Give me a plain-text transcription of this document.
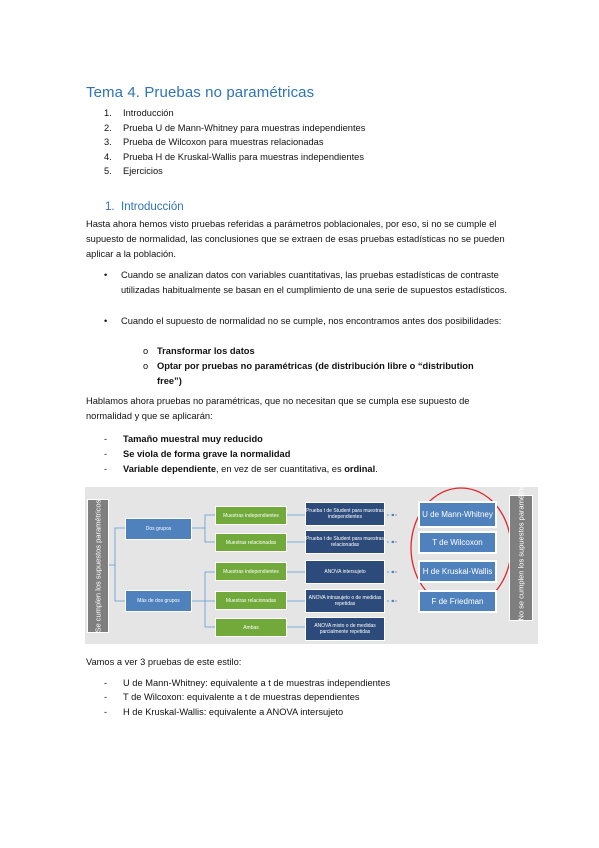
Tema 4. Pruebas no paramétricas
1. Introducción
2. Prueba U de Mann-Whitney para muestras independientes
3. Prueba de Wilcoxon para muestras relacionadas
4. Prueba H de Kruskal-Wallis para muestras independientes
5. Ejercicios
1. Introducción
Hasta ahora hemos visto pruebas referidas a parámetros poblacionales, por eso, si no se cumple el supuesto de normalidad, las conclusiones que se extraen de esas pruebas estadísticas no se pueden aplicar a la población.
• Cuando se analizan datos con variables cuantitativas, las pruebas estadísticas de contraste utilizadas habitualmente se basan en el cumplimiento de una serie de supuestos estadísticos.
• Cuando el supuesto de normalidad no se cumple, nos encontramos antes dos posibilidades:
o Transformar los datos
o Optar por pruebas no paramétricas (de distribución libre o “distribution free”)
Hablamos ahora pruebas no paramétricas, que no necesitan que se cumpla ese supuesto de normalidad y que se aplicarán:
- Tamaño muestral muy reducido
- Se viola de forma grave la normalidad
- Variable dependiente, en vez de ser cuantitativa, es ordinal.
Se cumplen los supuestos paramétricos	No se cumplen los supuestos paramétricos
Dos grupos
Más de dos grupos
Muestras independientes
Muestras relacionadas
Muestras independientes
Muestras relacionadas
Ambas
Prueba t de Student para muestras independientes
Prueba t de Student para muestras relacionadas
ANOVA intersujeto
ANOVA intrasujeto o de medidas repetidas
ANOVA mixto o de medidas parcialmente repetidas
U de Mann-Whitney
T de Wilcoxon
H de Kruskal-Wallis
F de Friedman
Vamos a ver 3 pruebas de este estilo:
- U de Mann-Whitney: equivalente a t de muestras independientes
- T de Wilcoxon: equivalente a t de muestras dependientes
- H de Kruskal-Wallis: equivalente a ANOVA intersujeto
